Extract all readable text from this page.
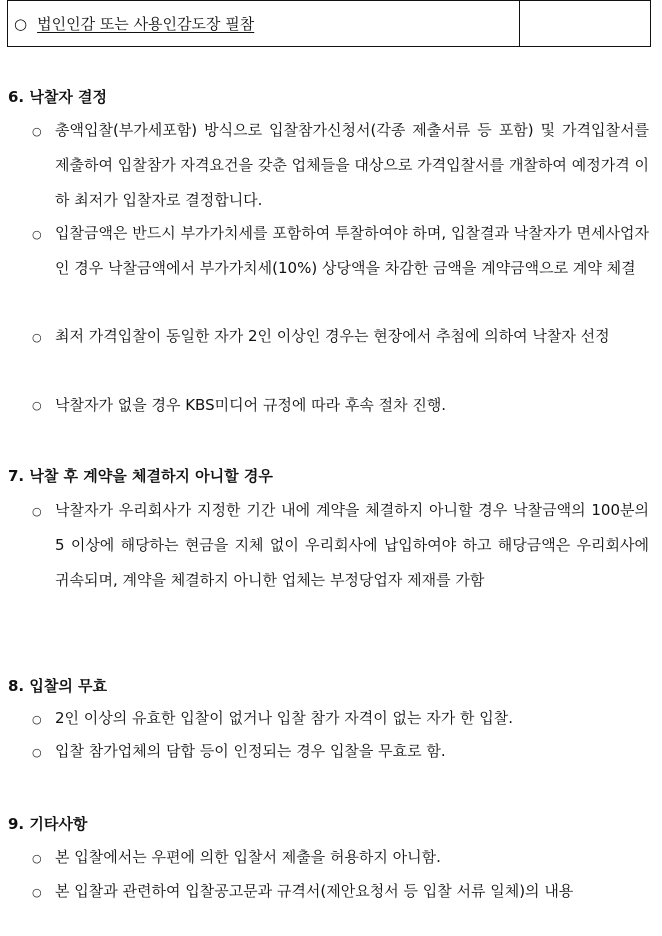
○ 법인인감 또는 사용인감도장 필참	
6. 낙찰자 결정
○ 총액입찰(부가세포함) 방식으로 입찰참가신청서(각종 제출서류 등 포함) 및 가격입찰서를 제출하여 입찰참가 자격요건을 갖춘 업체들을 대상으로 가격입찰서를 개찰하여 예정가격 이하 최저가 입찰자로 결정합니다.
○ 입찰금액은 반드시 부가가치세를 포함하여 투찰하여야 하며, 입찰결과 낙찰자가 면세사업자인 경우 낙찰금액에서 부가가치세(10%) 상당액을 차감한 금액을 계약금액으로 계약 체결
○ 최저 가격입찰이 동일한 자가 2인 이상인 경우는 현장에서 추첨에 의하여 낙찰자 선정
○ 낙찰자가 없을 경우 KBS미디어 규정에 따라 후속 절차 진행.
7. 낙찰 후 계약을 체결하지 아니할 경우
○ 낙찰자가 우리회사가 지정한 기간 내에 계약을 체결하지 아니할 경우 낙찰금액의 100분의 5 이상에 해당하는 현금을 지체 없이 우리회사에 납입하여야 하고 해당금액은 우리회사에 귀속되며, 계약을 체결하지 아니한 업체는 부정당업자 제재를 가함
8. 입찰의 무효
○ 2인 이상의 유효한 입찰이 없거나 입찰 참가 자격이 없는 자가 한 입찰.
○ 입찰 참가업체의 담합 등이 인정되는 경우 입찰을 무효로 함.
9. 기타사항
○ 본 입찰에서는 우편에 의한 입찰서 제출을 허용하지 아니함.
○ 본 입찰과 관련하여 입찰공고문과 규격서(제안요청서 등 입찰 서류 일체)의 내용
